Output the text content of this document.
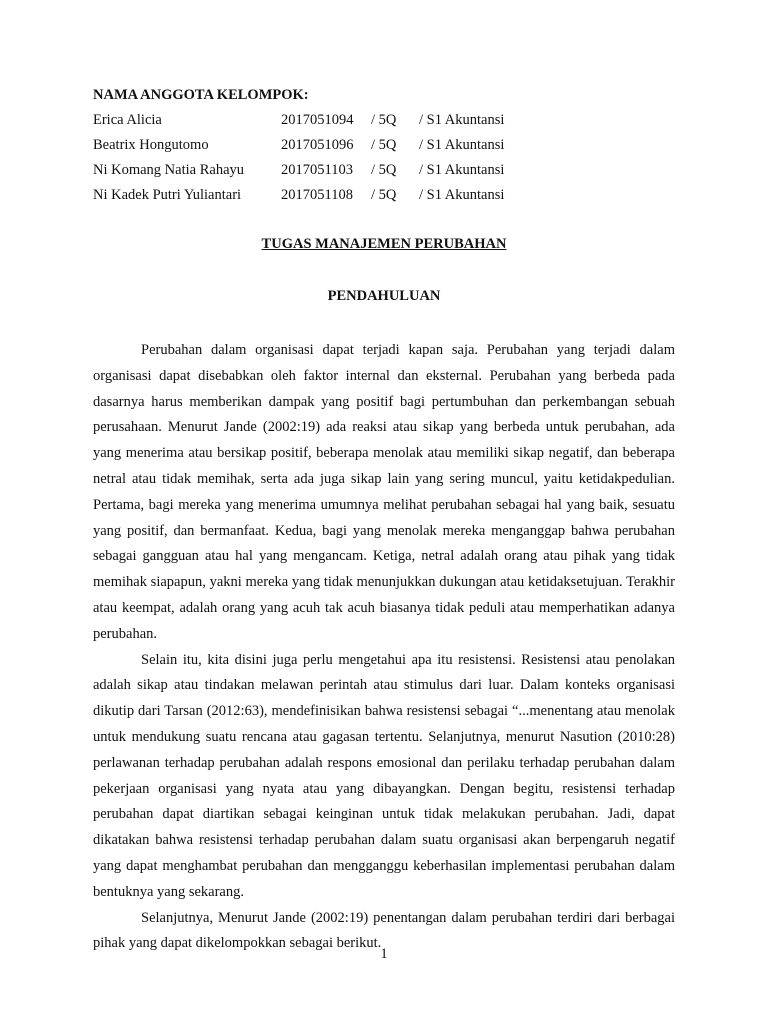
NAMA ANGGOTA KELOMPOK:
Erica Alicia	2017051094 / 5Q / S1 Akuntansi
Beatrix Hongutomo	2017051096 / 5Q / S1 Akuntansi
Ni Komang Natia Rahayu	2017051103 / 5Q / S1 Akuntansi
Ni Kadek Putri Yuliantari	2017051108 / 5Q / S1 Akuntansi
TUGAS MANAJEMEN PERUBAHAN
PENDAHULUAN

Perubahan dalam organisasi dapat terjadi kapan saja. Perubahan yang terjadi dalam organisasi dapat disebabkan oleh faktor internal dan eksternal. Perubahan yang berbeda pada dasarnya harus memberikan dampak yang positif bagi pertumbuhan dan perkembangan sebuah perusahaan. Menurut Jande (2002:19) ada reaksi atau sikap yang berbeda untuk perubahan, ada yang menerima atau bersikap positif, beberapa menolak atau memiliki sikap negatif, dan beberapa netral atau tidak memihak, serta ada juga sikap lain yang sering muncul, yaitu ketidakpedulian. Pertama, bagi mereka yang menerima umumnya melihat perubahan sebagai hal yang baik, sesuatu yang positif, dan bermanfaat. Kedua, bagi yang menolak mereka menganggap bahwa perubahan sebagai gangguan atau hal yang mengancam. Ketiga, netral adalah orang atau pihak yang tidak memihak siapapun, yakni mereka yang tidak menunjukkan dukungan atau ketidaksetujuan. Terakhir atau keempat, adalah orang yang acuh tak acuh biasanya tidak peduli atau memperhatikan adanya perubahan.

Selain itu, kita disini juga perlu mengetahui apa itu resistensi. Resistensi atau penolakan adalah sikap atau tindakan melawan perintah atau stimulus dari luar. Dalam konteks organisasi dikutip dari Tarsan (2012:63), mendefinisikan bahwa resistensi sebagai “...menentang atau menolak untuk mendukung suatu rencana atau gagasan tertentu. Selanjutnya, menurut Nasution (2010:28) perlawanan terhadap perubahan adalah respons emosional dan perilaku terhadap perubahan dalam pekerjaan organisasi yang nyata atau yang dibayangkan. Dengan begitu, resistensi terhadap perubahan dapat diartikan sebagai keinginan untuk tidak melakukan perubahan. Jadi, dapat dikatakan bahwa resistensi terhadap perubahan dalam suatu organisasi akan berpengaruh negatif yang dapat menghambat perubahan dan mengganggu keberhasilan implementasi perubahan dalam bentuknya yang sekarang.

Selanjutnya, Menurut Jande (2002:19) penentangan dalam perubahan terdiri dari berbagai pihak yang dapat dikelompokkan sebagai berikut.

1
